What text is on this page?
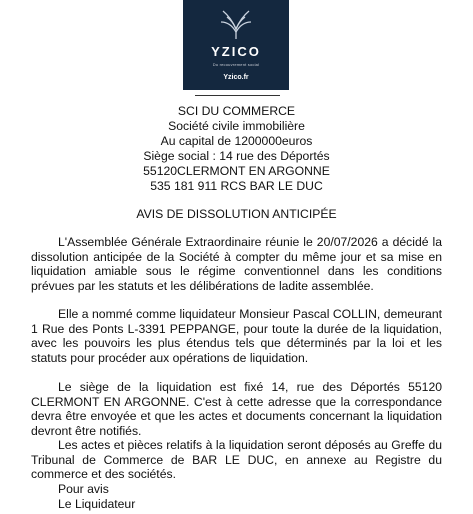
YZICO
Du recouvrement social
Yzico.fr
SCI DU COMMERCE
Société civile immobilière
Au capital de 1200000euros
Siège social : 14 rue des Déportés
55120CLERMONT EN ARGONNE
535 181 911 RCS BAR LE DUC
AVIS DE DISSOLUTION ANTICIPÉE

L'Assemblée Générale Extraordinaire réunie le 20/07/2026 a décidé la dissolution anticipée de la Société à compter du même jour et sa mise en liquidation amiable sous le régime conventionnel dans les conditions prévues par les statuts et les délibérations de ladite assemblée.

Elle a nommé comme liquidateur Monsieur Pascal COLLIN, demeurant 1 Rue des Ponts L-3391 PEPPANGE, pour toute la durée de la liquidation, avec les pouvoirs les plus étendus tels que déterminés par la loi et les statuts pour procéder aux opérations de liquidation.

Le siège de la liquidation est fixé 14, rue des Déportés 55120 CLERMONT EN ARGONNE. C'est à cette adresse que la correspondance devra être envoyée et que les actes et documents concernant la liquidation devront être notifiés.

Les actes et pièces relatifs à la liquidation seront déposés au Greffe du Tribunal de Commerce de BAR LE DUC, en annexe au Registre du commerce et des sociétés.

Pour avis
Le Liquidateur
